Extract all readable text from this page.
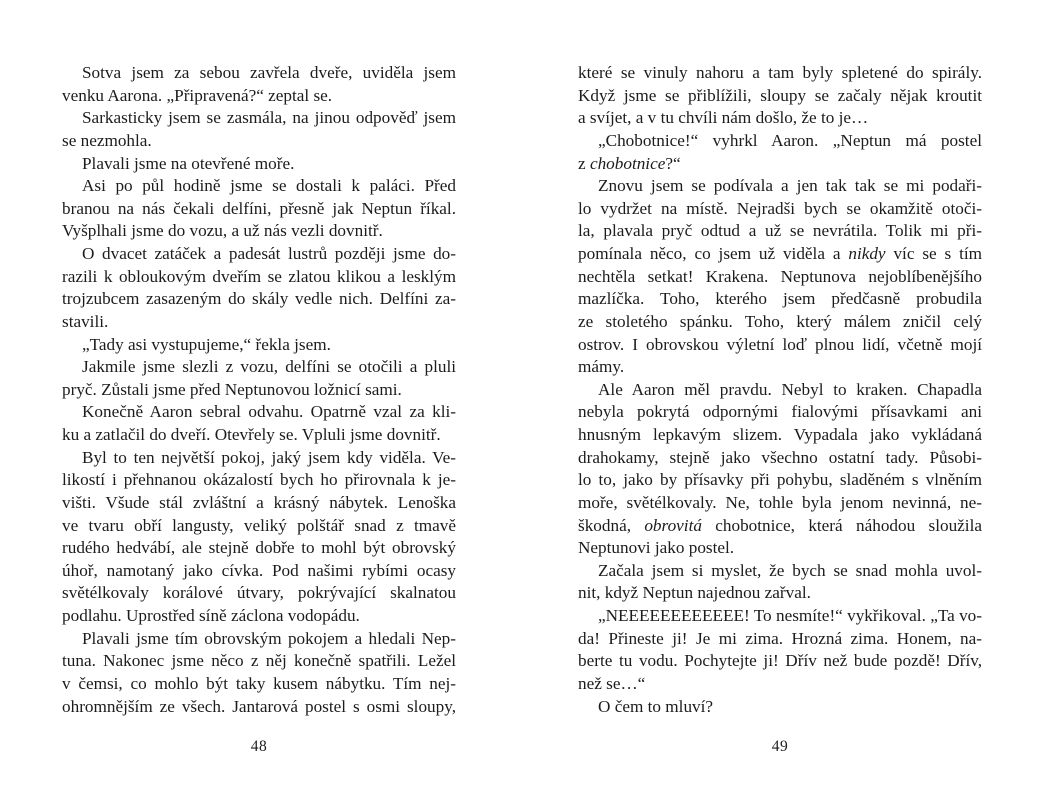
Sotva jsem za sebou zavřela dveře, uviděla jsem
venku Aarona. „Připravená?“ zeptal se.
Sarkasticky jsem se zasmála, na jinou odpověď jsem
se nezmohla.
Plavali jsme na otevřené moře.
Asi po půl hodině jsme se dostali k paláci. Před
branou na nás čekali delfíni, přesně jak Neptun říkal.
Vyšplhali jsme do vozu, a už nás vezli dovnitř.
O dvacet zatáček a padesát lustrů později jsme do-
razili k obloukovým dveřím se zlatou klikou a lesklým
trojzubcem zasazeným do skály vedle nich. Delfíni za-
stavili.
„Tady asi vystupujeme,“ řekla jsem.
Jakmile jsme slezli z vozu, delfíni se otočili a pluli
pryč. Zůstali jsme před Neptunovou ložnicí sami.
Konečně Aaron sebral odvahu. Opatrně vzal za kli-
ku a zatlačil do dveří. Otevřely se. Vpluli jsme dovnitř.
Byl to ten největší pokoj, jaký jsem kdy viděla. Ve-
likostí i přehnanou okázalostí bych ho přirovnala k je-
višti. Všude stál zvláštní a krásný nábytek. Lenoška
ve tvaru obří langusty, veliký polštář snad z tmavě
rudého hedvábí, ale stejně dobře to mohl být obrovský
úhoř, namotaný jako cívka. Pod našimi rybími ocasy
světélkovaly korálové útvary, pokrývající skalnatou
podlahu. Uprostřed síně záclona vodopádu.
Plavali jsme tím obrovským pokojem a hledali Nep-
tuna. Nakonec jsme něco z něj konečně spatřili. Ležel
v čemsi, co mohlo být taky kusem nábytku. Tím nej-
ohromnějším ze všech. Jantarová postel s osmi sloupy,
48
které se vinuly nahoru a tam byly spletené do spirály.
Když jsme se přiblížili, sloupy se začaly nějak kroutit
a svíjet, a v tu chvíli nám došlo, že to je…
„Chobotnice!“ vyhrkl Aaron. „Neptun má postel
z chobotnice?“
Znovu jsem se podívala a jen tak tak se mi podaři-
lo vydržet na místě. Nejradši bych se okamžitě otoči-
la, plavala pryč odtud a už se nevrátila. Tolik mi při-
pomínala něco, co jsem už viděla a nikdy víc se s tím
nechtěla setkat! Krakena. Neptunova nejoblíbenějšího
mazlíčka. Toho, kterého jsem předčasně probudila
ze stoletého spánku. Toho, který málem zničil celý
ostrov. I obrovskou výletní loď plnou lidí, včetně mojí
mámy.
Ale Aaron měl pravdu. Nebyl to kraken. Chapadla
nebyla pokrytá odpornými fialovými přísavkami ani
hnusným lepkavým slizem. Vypadala jako vykládaná
drahokamy, stejně jako všechno ostatní tady. Působi-
lo to, jako by přísavky při pohybu, sladěném s vlněním
moře, světélkovaly. Ne, tohle byla jenom nevinná, ne-
škodná, obrovitá chobotnice, která náhodou sloužila
Neptunovi jako postel.
Začala jsem si myslet, že bych se snad mohla uvol-
nit, když Neptun najednou zařval.
„NEEEEEEEEEEEE! To nesmíte!“ vykřikoval. „Ta vo-
da! Přineste ji! Je mi zima. Hrozná zima. Honem, na-
berte tu vodu. Pochytejte ji! Dřív než bude pozdě! Dřív,
než se…“
O čem to mluví?
49
